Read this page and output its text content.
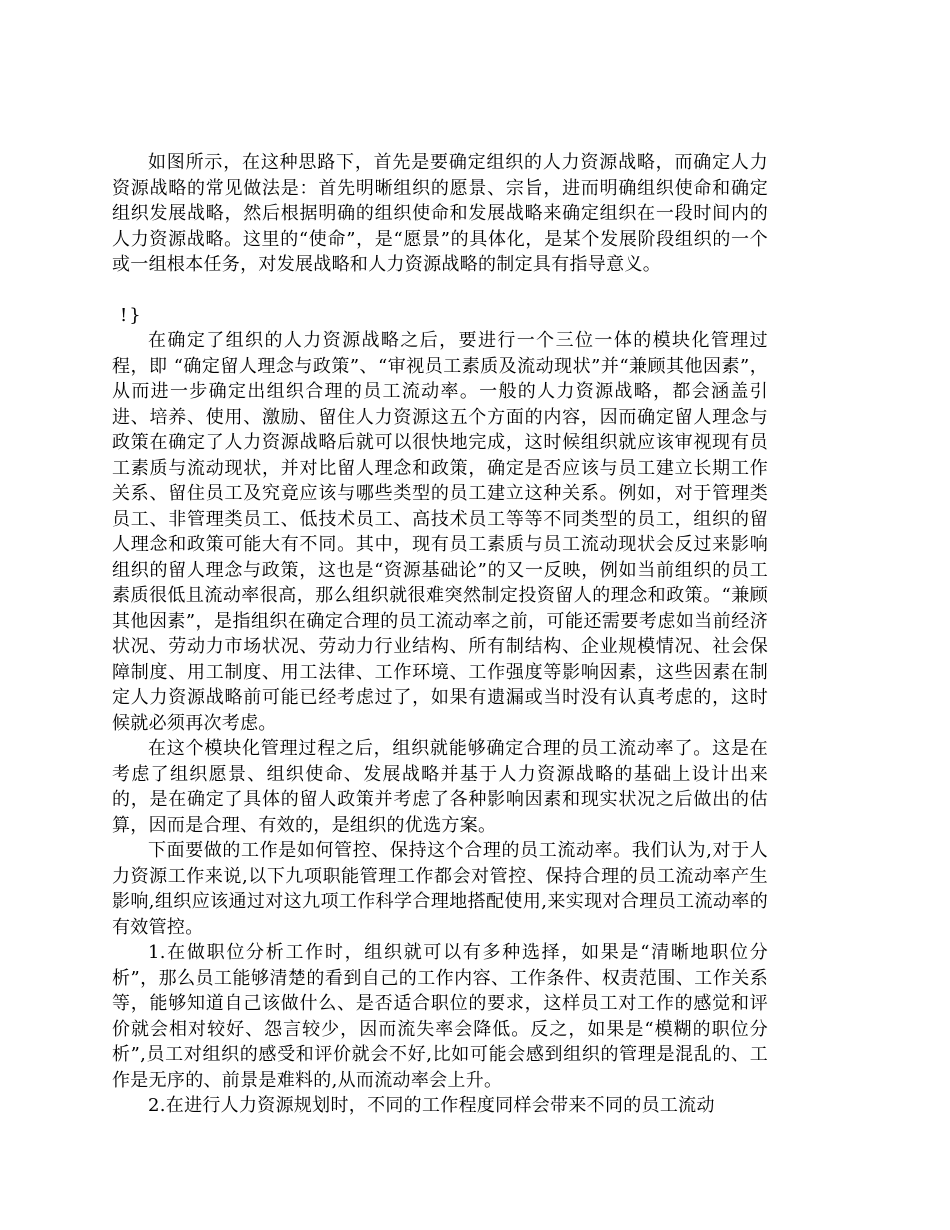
如图所示，在这种思路下，首先是要确定组织的人力资源战略，而确定人力资源战略的常见做法是：首先明晰组织的愿景、宗旨，进而明确组织使命和确定组织发展战略，然后根据明确的组织使命和发展战略来确定组织在一段时间内的人力资源战略。这里的“使命”，是“愿景”的具体化，是某个发展阶段组织的一个或一组根本任务，对发展战略和人力资源战略的制定具有指导意义。

!}

在确定了组织的人力资源战略之后，要进行一个三位一体的模块化管理过程，即 “确定留人理念与政策”、“审视员工素质及流动现状”并“兼顾其他因素”，从而进一步确定出组织合理的员工流动率。一般的人力资源战略，都会涵盖引进、培养、使用、激励、留住人力资源这五个方面的内容，因而确定留人理念与政策在确定了人力资源战略后就可以很快地完成，这时候组织就应该审视现有员工素质与流动现状，并对比留人理念和政策，确定是否应该与员工建立长期工作关系、留住员工及究竟应该与哪些类型的员工建立这种关系。例如，对于管理类员工、非管理类员工、低技术员工、高技术员工等等不同类型的员工，组织的留人理念和政策可能大有不同。其中，现有员工素质与员工流动现状会反过来影响组织的留人理念与政策，这也是“资源基础论”的又一反映，例如当前组织的员工素质很低且流动率很高，那么组织就很难突然制定投资留人的理念和政策。“兼顾其他因素”，是指组织在确定合理的员工流动率之前，可能还需要考虑如当前经济状况、劳动力市场状况、劳动力行业结构、所有制结构、企业规模情况、社会保障制度、用工制度、用工法律、工作环境、工作强度等影响因素，这些因素在制定人力资源战略前可能已经考虑过了，如果有遗漏或当时没有认真考虑的，这时候就必须再次考虑。

在这个模块化管理过程之后，组织就能够确定合理的员工流动率了。这是在考虑了组织愿景、组织使命、发展战略并基于人力资源战略的基础上设计出来的，是在确定了具体的留人政策并考虑了各种影响因素和现实状况之后做出的估算，因而是合理、有效的，是组织的优选方案。

下面要做的工作是如何管控、保持这个合理的员工流动率。我们认为,对于人力资源工作来说,以下九项职能管理工作都会对管控、保持合理的员工流动率产生影响,组织应该通过对这九项工作科学合理地搭配使用,来实现对合理员工流动率的有效管控。

1.在做职位分析工作时，组织就可以有多种选择，如果是“清晰地职位分析”，那么员工能够清楚的看到自己的工作内容、工作条件、权责范围、工作关系等，能够知道自己该做什么、是否适合职位的要求，这样员工对工作的感觉和评价就会相对较好、怨言较少，因而流失率会降低。反之，如果是“模糊的职位分析”,员工对组织的感受和评价就会不好,比如可能会感到组织的管理是混乱的、工作是无序的、前景是难料的,从而流动率会上升。

2.在进行人力资源规划时，不同的工作程度同样会带来不同的员工流动
